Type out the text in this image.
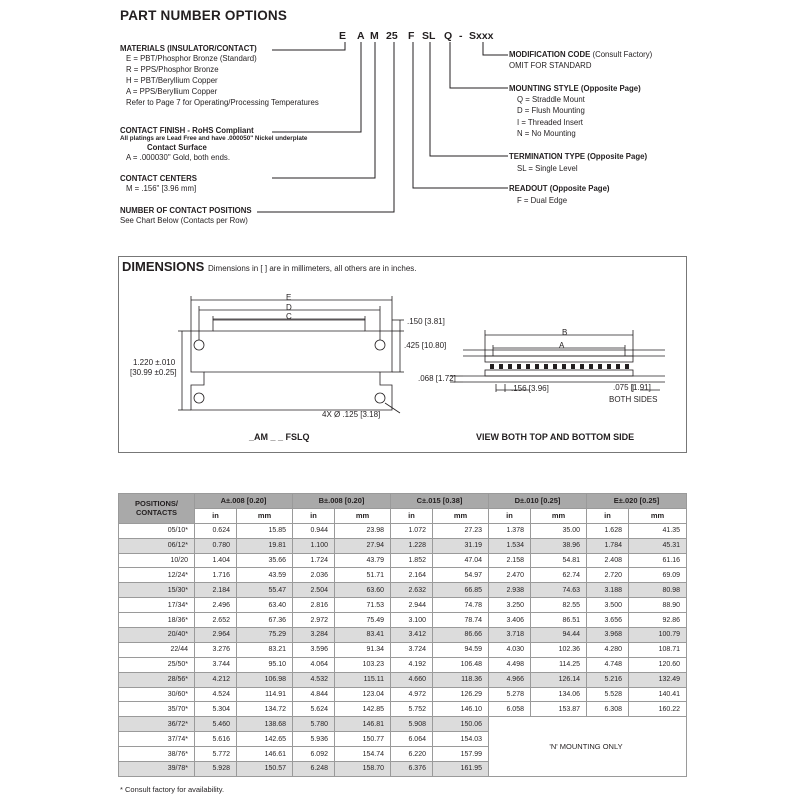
PART NUMBER OPTIONS
E A M 25 F SL Q - Sxxx
MATERIALS (INSULATOR/CONTACT)
E = PBT/Phosphor Bronze (Standard)
R = PPS/Phosphor Bronze
H = PBT/Beryllium Copper
A = PPS/Beryllium Copper
Refer to Page 7 for Operating/Processing Temperatures
CONTACT FINISH - RoHS Compliant
All platings are Lead Free and have .000050" Nickel underplate
Contact Surface
A = .000030" Gold, both ends.
CONTACT CENTERS
M = .156" [3.96 mm]
NUMBER OF CONTACT POSITIONS
See Chart Below (Contacts per Row)
MODIFICATION CODE (Consult Factory)
OMIT FOR STANDARD
MOUNTING STYLE (Opposite Page)
Q = Straddle Mount
D = Flush Mounting
I = Threaded Insert
N = No Mounting
TERMINATION TYPE (Opposite Page)
SL = Single Level
READOUT (Opposite Page)
F = Dual Edge
DIMENSIONS Dimensions in [ ] are in millimeters, all others are in inches.
E
D
C
.150 [3.81]
.425 [10.80]
1.220 ±.010
[30.99 ±0.25]
4X Ø .125 [3.18]
_AM _ _ FSLQ
B
A
.068 [1.72]
.156 [3.96]	.075 [1.91]
BOTH SIDES
VIEW BOTH TOP AND BOTTOM SIDE
POSITIONS/ CONTACTS	A±.008 [0.20]		B±.008 [0.20]		C±.015 [0.38]		D±.010 [0.25]		E±.020 [0.25]	
	in	mm	in	mm	in	mm	in	mm	in	mm
05/10*	0.624	15.85	0.944	23.98	1.072	27.23	1.378	35.00	1.628	41.35
06/12*	0.780	19.81	1.100	27.94	1.228	31.19	1.534	38.96	1.784	45.31
10/20	1.404	35.66	1.724	43.79	1.852	47.04	2.158	54.81	2.408	61.16
12/24*	1.716	43.59	2.036	51.71	2.164	54.97	2.470	62.74	2.720	69.09
15/30*	2.184	55.47	2.504	63.60	2.632	66.85	2.938	74.63	3.188	80.98
17/34*	2.496	63.40	2.816	71.53	2.944	74.78	3.250	82.55	3.500	88.90
18/36*	2.652	67.36	2.972	75.49	3.100	78.74	3.406	86.51	3.656	92.86
20/40*	2.964	75.29	3.284	83.41	3.412	86.66	3.718	94.44	3.968	100.79
22/44	3.276	83.21	3.596	91.34	3.724	94.59	4.030	102.36	4.280	108.71
25/50*	3.744	95.10	4.064	103.23	4.192	106.48	4.498	114.25	4.748	120.60
28/56*	4.212	106.98	4.532	115.11	4.660	118.36	4.966	126.14	5.216	132.49
30/60*	4.524	114.91	4.844	123.04	4.972	126.29	5.278	134.06	5.528	140.41
35/70*	5.304	134.72	5.624	142.85	5.752	146.10	6.058	153.87	6.308	160.22
36/72*	5.460	138.68	5.780	146.81	5.908	150.06	'N' MOUNTING ONLY			
37/74*	5.616	142.65	5.936	150.77	6.064	154.03				
38/76*	5.772	146.61	6.092	154.74	6.220	157.99				
39/78*	5.928	150.57	6.248	158.70	6.376	161.95				
* Consult factory for availability.
